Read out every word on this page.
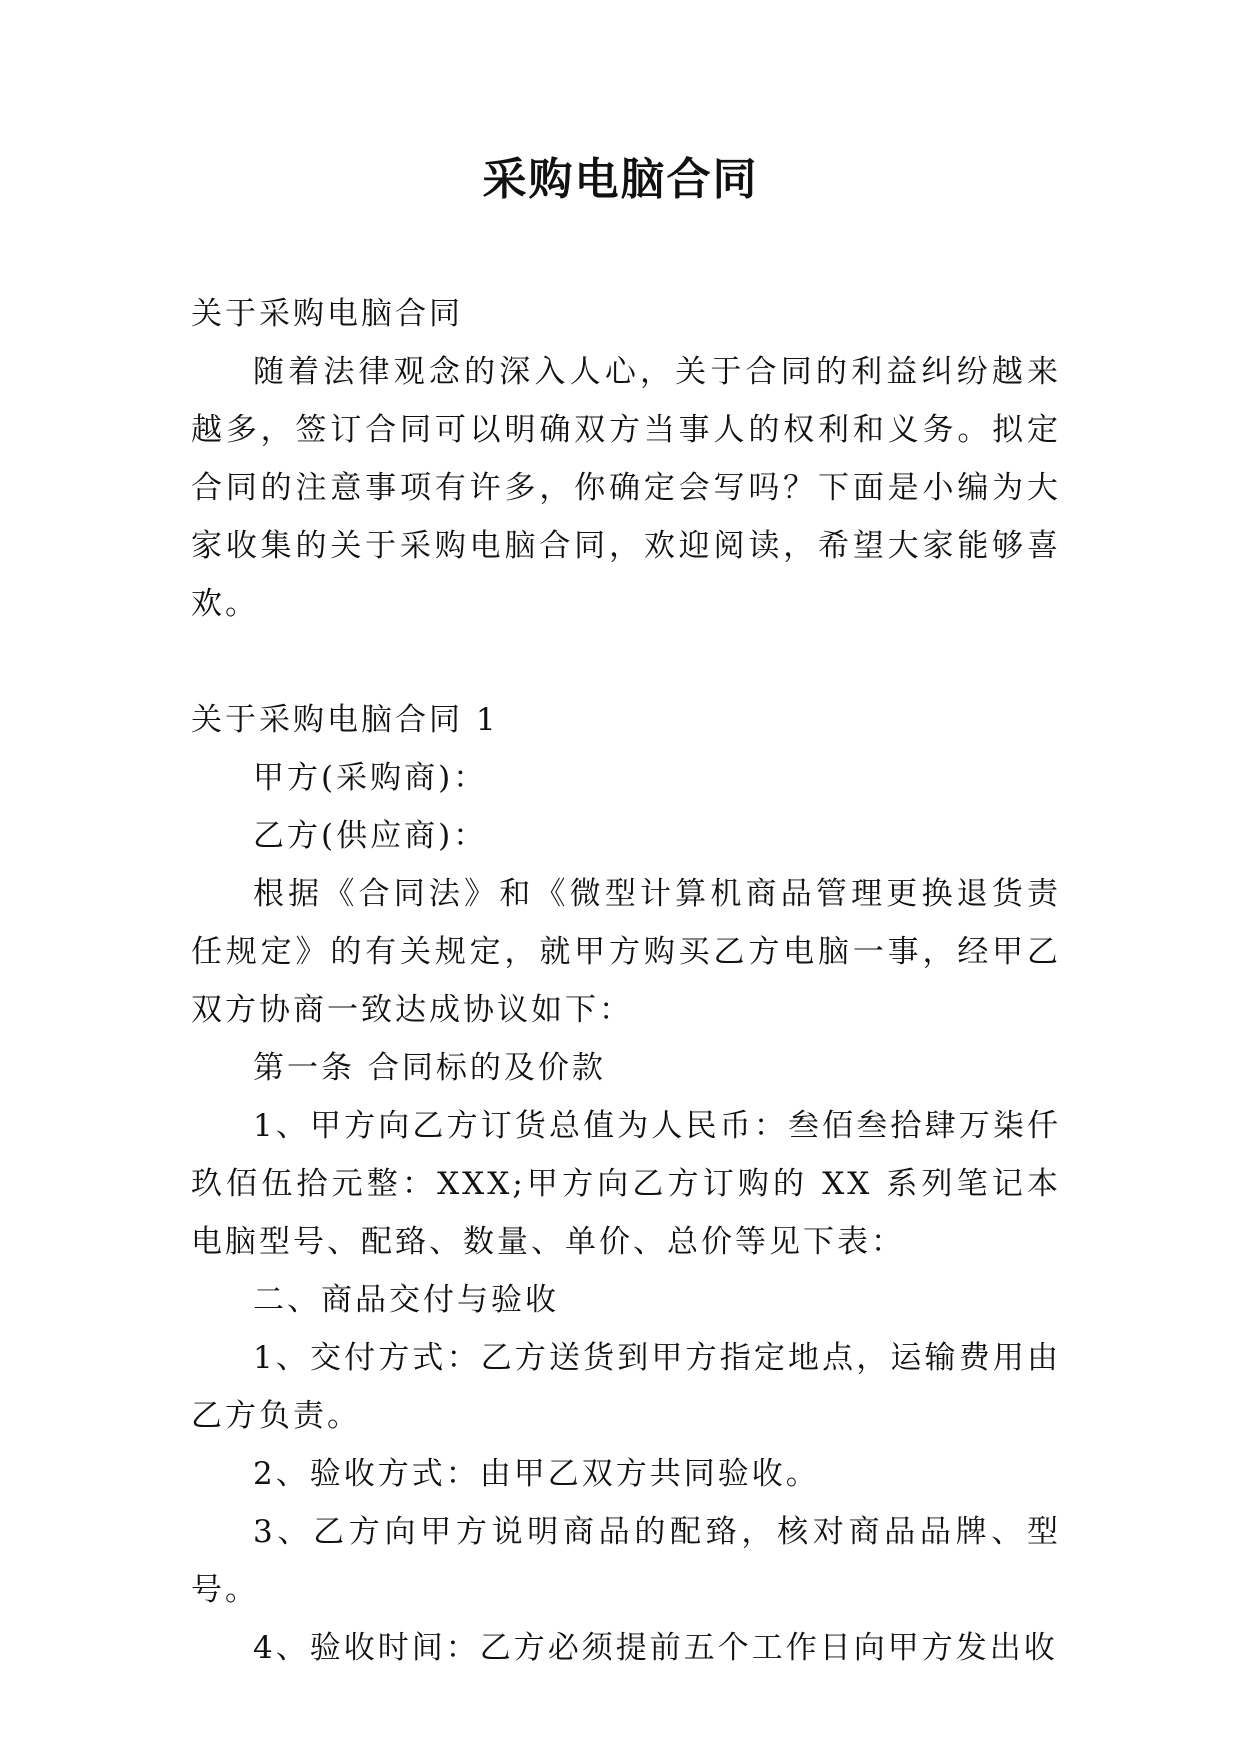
采购电脑合同

关于采购电脑合同

随着法律观念的深入人心，关于合同的利益纠纷越来越多，签订合同可以明确双方当事人的权利和义务。拟定合同的注意事项有许多，你确定会写吗？下面是小编为大家收集的关于采购电脑合同，欢迎阅读，希望大家能够喜欢。

关于采购电脑合同 1

甲方(采购商)：

乙方(供应商)：

根据《合同法》和《微型计算机商品管理更换退货责任规定》的有关规定，就甲方购买乙方电脑一事，经甲乙双方协商一致达成协议如下：

第一条 合同标的及价款

1、甲方向乙方订货总值为人民币：叁佰叁拾肆万柒仟玖佰伍拾元整：XXX;甲方向乙方订购的 XX 系列笔记本电脑型号、配臵、数量、单价、总价等见下表：

二、商品交付与验收

1、交付方式：乙方送货到甲方指定地点，运输费用由乙方负责。

2、验收方式：由甲乙双方共同验收。

3、乙方向甲方说明商品的配臵，核对商品品牌、型号。

4、验收时间：乙方必须提前五个工作日向甲方发出收
